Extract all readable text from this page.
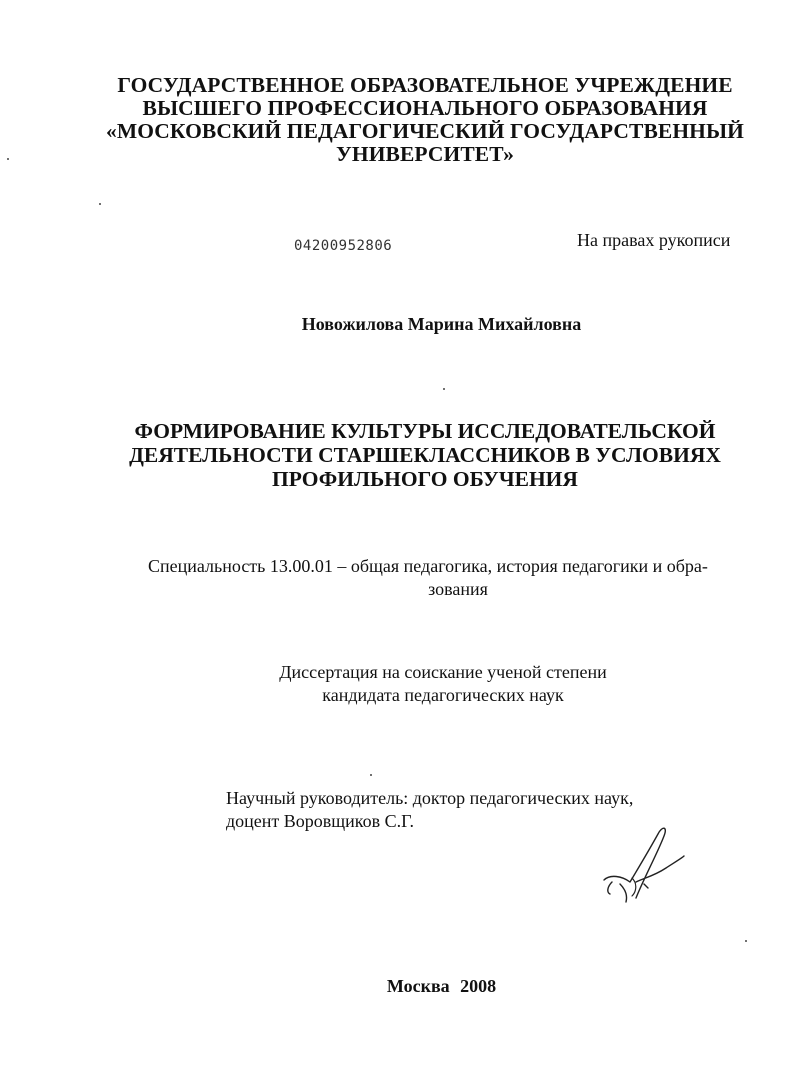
ГОСУДАРСТВЕННОЕ ОБРАЗОВАТЕЛЬНОЕ УЧРЕЖДЕНИЕ
ВЫСШЕГО ПРОФЕССИОНАЛЬНОГО ОБРАЗОВАНИЯ
«МОСКОВСКИЙ ПЕДАГОГИЧЕСКИЙ ГОСУДАРСТВЕННЫЙ
УНИВЕРСИТЕТ»
04200952806	На правах рукописи
Новожилова Марина Михайловна
ФОРМИРОВАНИЕ КУЛЬТУРЫ ИССЛЕДОВАТЕЛЬСКОЙ
ДЕЯТЕЛЬНОСТИ СТАРШЕКЛАССНИКОВ В УСЛОВИЯХ
ПРОФИЛЬНОГО ОБУЧЕНИЯ
Специальность 13.00.01 – общая педагогика, история педагогики и обра-
зования
Диссертация на соискание ученой степени
кандидата педагогических наук
Научный руководитель: доктор педагогических наук,
доцент Воровщиков С.Г.
Москва 2008
